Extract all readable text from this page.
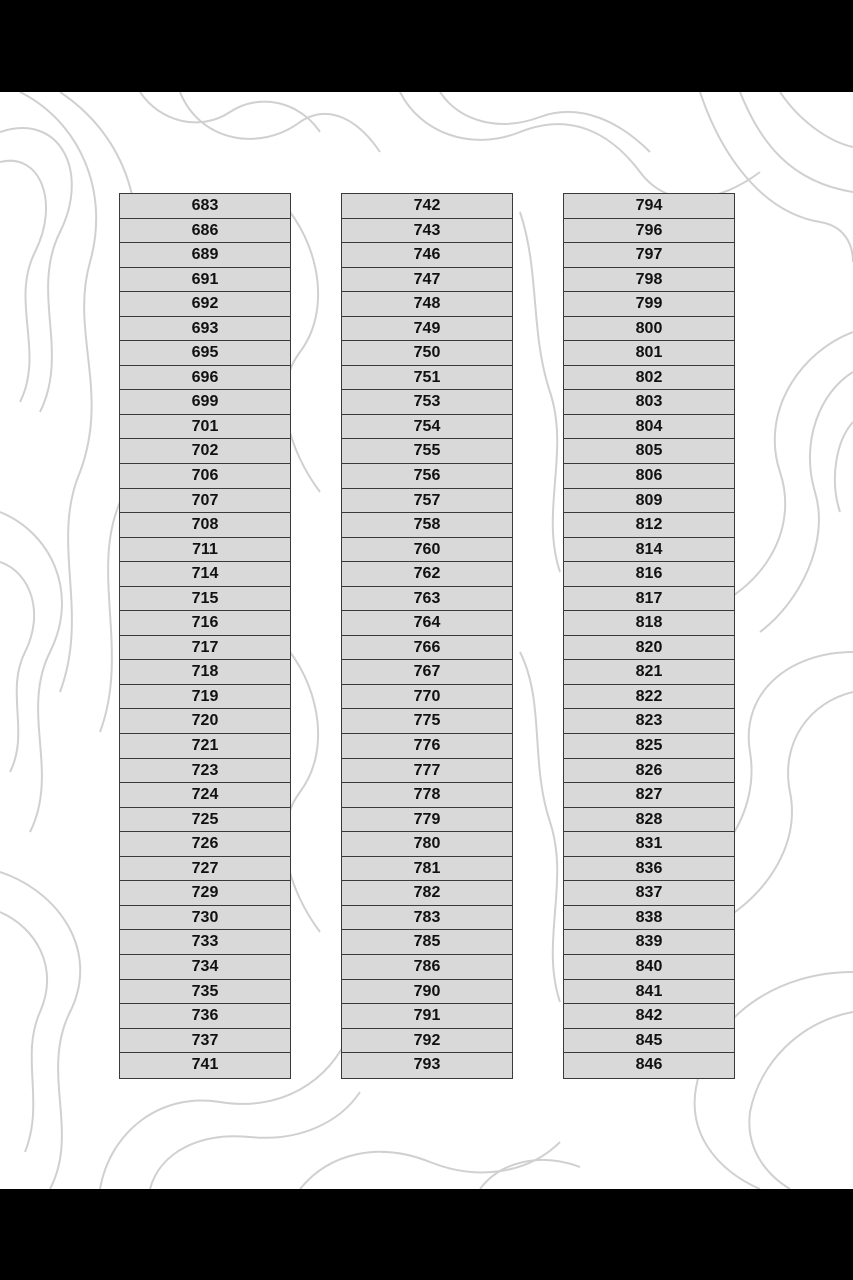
683
686
689
691
692
693
695
696
699
701
702
706
707
708
711
714
715
716
717
718
719
720
721
723
724
725
726
727
729
730
733
734
735
736
737
741
742
743
746
747
748
749
750
751
753
754
755
756
757
758
760
762
763
764
766
767
770
775
776
777
778
779
780
781
782
783
785
786
790
791
792
793
794
796
797
798
799
800
801
802
803
804
805
806
809
812
814
816
817
818
820
821
822
823
825
826
827
828
831
836
837
838
839
840
841
842
845
846
